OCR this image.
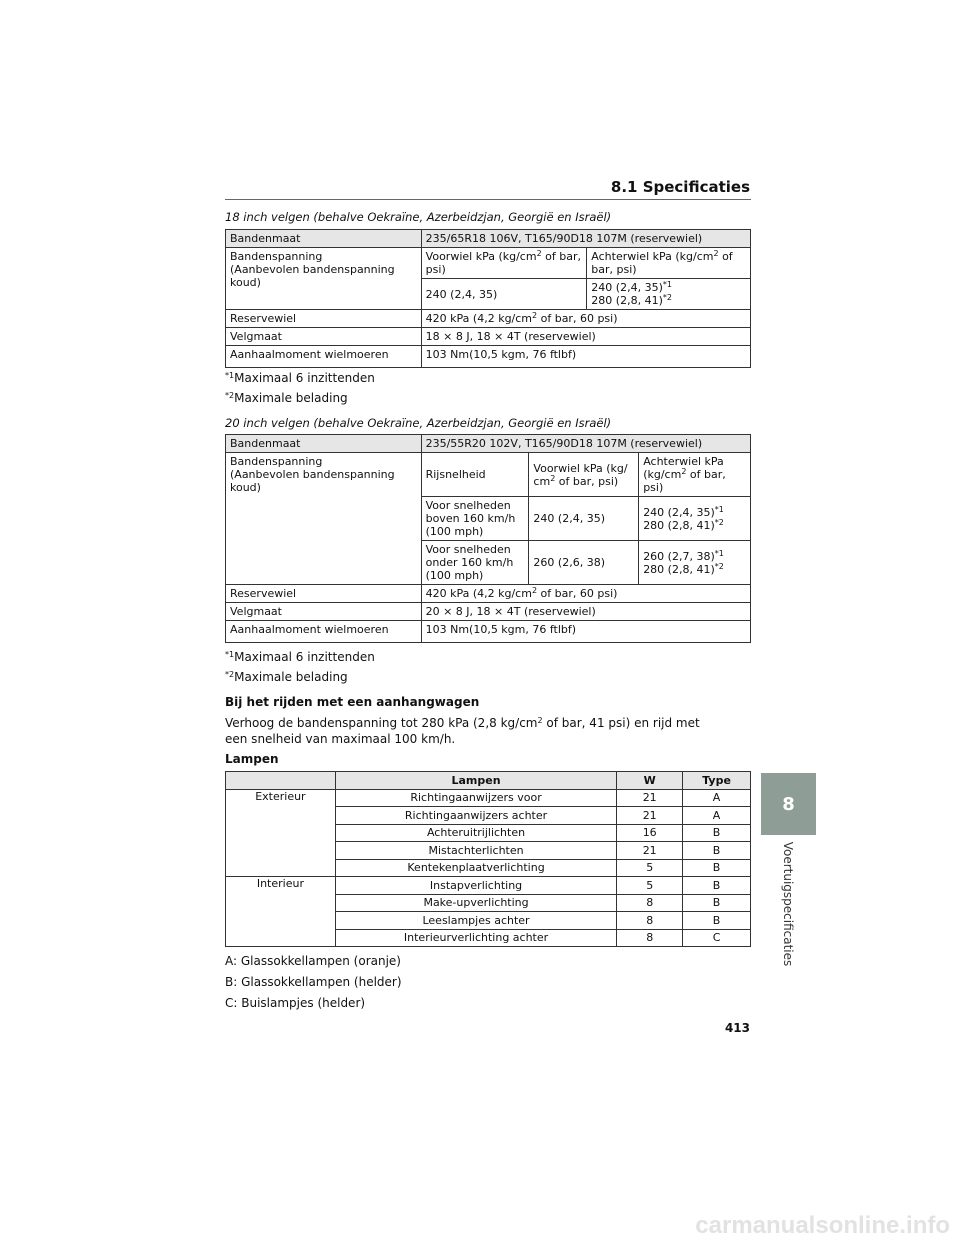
8.1 Specificaties
18 inch velgen (behalve Oekraïne, Azerbeidzjan, Georgië en Israël)
Bandenmaat	235/65R18 106V, T165/90D18 107M (reservewiel)	
Bandenspanning
(Aanbevolen bandenspanning
koud)	Voorwiel kPa ($kg/cm^2$ of bar, psi)	Achterwiel kPa ($kg/cm^2$ of bar, psi)
	240 (2,4, 35)	240 (2,4, 35)$^{*1}$
280 (2,8, 41)$^{*2}$
Reservewiel	420 kPa (4,2 $kg/cm^2$ of bar, 60 psi)	
Velgmaat	18 × 8 J, 18 × 4T (reservewiel)	
Aanhaalmoment wielmoeren	103 Nm(10,5 kgm, 76 ftlbf)	
$^{*1}$Maximaal 6 inzittenden
$^{*2}$Maximale belading
20 inch velgen (behalve Oekraïne, Azerbeidzjan, Georgië en Israël)
Bandenmaat	235/55R20 102V, T165/90D18 107M (reservewiel)		
Bandenspanning
(Aanbevolen bandenspanning
koud)	Rijsnelheid	Voorwiel kPa (kg/
$cm^2$ of bar, psi)	Achterwiel kPa
($kg/cm^2$ of bar,
psi)
	Voor snelheden
boven 160 km/h
(100 mph)	240 (2,4, 35)	240 (2,4, 35)$^{*1}$
280 (2,8, 41)$^{*2}$
	Voor snelheden
onder 160 km/h
(100 mph)	260 (2,6, 38)	260 (2,7, 38)$^{*1}$
280 (2,8, 41)$^{*2}$
Reservewiel	420 kPa (4,2 $kg/cm^2$ of bar, 60 psi)		
Velgmaat	20 × 8 J, 18 × 4T (reservewiel)		
Aanhaalmoment wielmoeren	103 Nm(10,5 kgm, 76 ftlbf)		
$^{*1}$Maximaal 6 inzittenden
$^{*2}$Maximale belading
Bij het rijden met een aanhangwagen
Verhoog de bandenspanning tot 280 kPa (2,8 $kg/cm^2$ of bar, 41 psi) en rijd met een snelheid van maximaal 100 km/h.
Lampen
	Lampen	W	Type
Exterieur	Richtingaanwijzers voor	21	A
	Richtingaanwijzers achter	21	A
	Achteruitrijlichten	16	B
	Mistachterlichten	21	B
	Kentekenplaatverlichting	5	B
Interieur	Instapverlichting	5	B
	Make-upverlichting	8	B
	Leeslampjes achter	8	B
	Interieurverlichting achter	8	C
A: Glassokkellampen (oranje)
B: Glassokkellampen (helder)
C: Buislampjes (helder)
8
Voertuigspecificaties
413
carmanualsonline.info
